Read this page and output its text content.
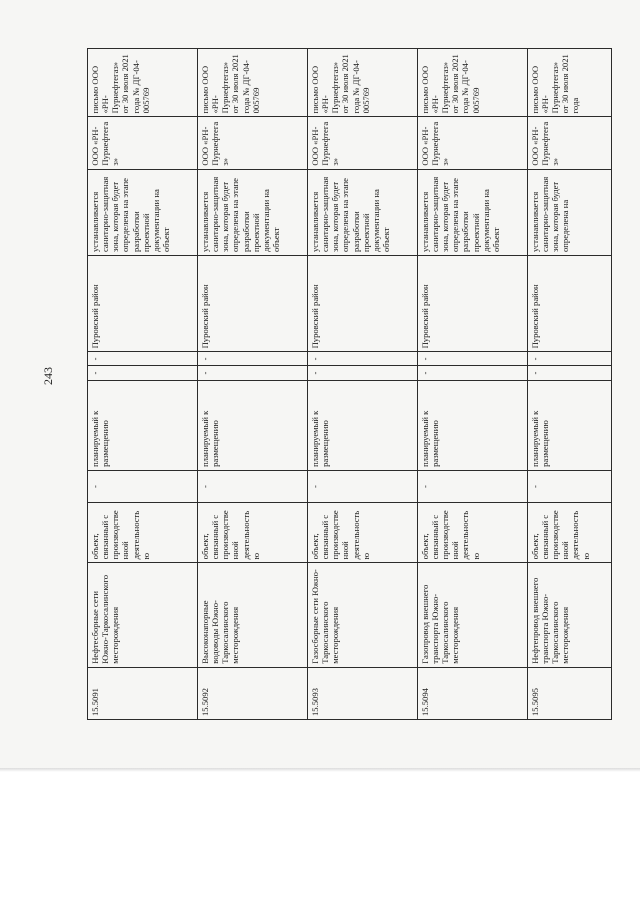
243
15.5091	Нефтесборные сети Южно-Таркосалинского месторождения	объект, связанный с производственной деятельностью	-	планируемый к размещению	-	-	Пуровский район	устанавливается санитарно-защитная зона, которая будет определена на этапе разработки проектной документации на объект	ООО «РН-Пурнефтегаз»	письмо ООО «РН-Пурнефтегаз» от 30 июля 2021 года № ДГ-04-005769
15.5092	Высоконапорные водоводы Южно-Таркосалинского месторождения	объект, связанный с производственной деятельностью	-	планируемый к размещению	-	-	Пуровский район	устанавливается санитарно-защитная зона, которая будет определена на этапе разработки проектной документации на объект	ООО «РН-Пурнефтегаз»	письмо ООО «РН-Пурнефтегаз» от 30 июля 2021 года № ДГ-04-005769
15.5093	Газосборные сети Южно-Таркосалинского месторождения	объект, связанный с производственной деятельностью	-	планируемый к размещению	-	-	Пуровский район	устанавливается санитарно-защитная зона, которая будет определена на этапе разработки проектной документации на объект	ООО «РН-Пурнефтегаз»	письмо ООО «РН-Пурнефтегаз» от 30 июля 2021 года № ДГ-04-005769
15.5094	Газопровод внешнего транспорта Южно-Таркосалинского месторождения	объект, связанный с производственной деятельностью	-	планируемый к размещению	-	-	Пуровский район	устанавливается санитарно-защитная зона, которая будет определена на этапе разработки проектной документации на объект	ООО «РН-Пурнефтегаз»	письмо ООО «РН-Пурнефтегаз» от 30 июля 2021 года № ДГ-04-005769
15.5095	Нефтепровод внешнего транспорта Южно-Таркосалинского месторождения	объект, связанный с производственной деятельностью	-	планируемый к размещению	-	-	Пуровский район	устанавливается санитарно-защитная зона, которая будет определена на	ООО «РН-Пурнефтегаз»	письмо ООО «РН-Пурнефтегаз» от 30 июля 2021 года
